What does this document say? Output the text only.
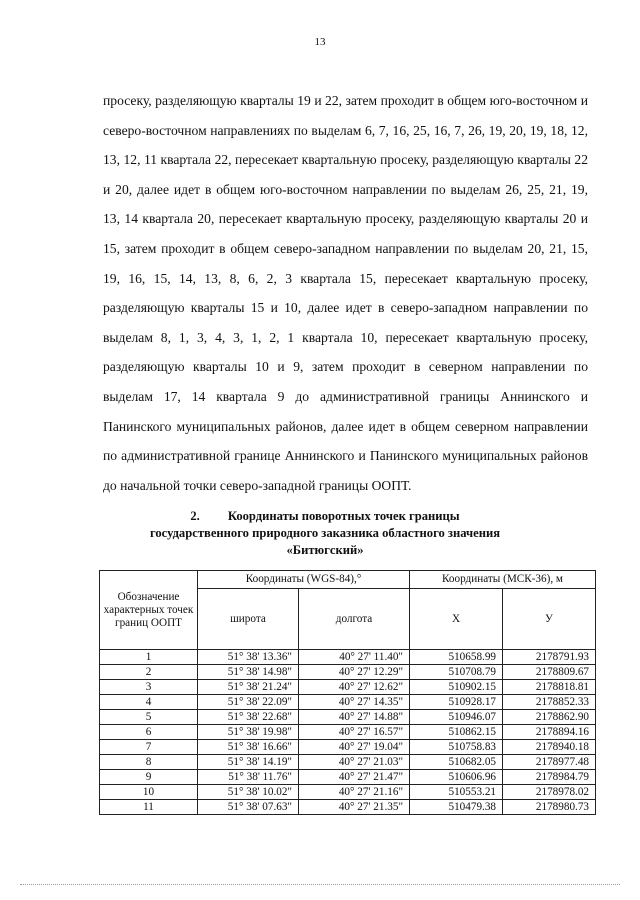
13

просеку, разделяющую кварталы 19 и 22, затем проходит в общем юго-восточном и северо-восточном направлениях по выделам 6, 7, 16, 25, 16, 7, 26, 19, 20, 19, 18, 12, 13, 12, 11 квартала 22, пересекает квартальную просеку, разделяющую кварталы 22 и 20, далее идет в общем юго-восточном направлении по выделам 26, 25, 21, 19, 13, 14 квартала 20, пересекает квартальную просеку, разделяющую кварталы 20 и 15, затем проходит в общем северо-западном направлении по выделам 20, 21, 15, 19, 16, 15, 14, 13, 8, 6, 2, 3 квартала 15, пересекает квартальную просеку, разделяющую кварталы 15 и 10, далее идет в северо-западном направлении по выделам 8, 1, 3, 4, 3, 1, 2, 1 квартала 10, пересекает квартальную просеку, разделяющую кварталы 10 и 9, затем проходит в северном направлении по выделам 17, 14 квартала 9 до административной границы Аннинского и Панинского муниципальных районов, далее идет в общем северном направлении по административной границе Аннинского и Панинского муниципальных районов до начальной точки северо-западной границы ООПТ.

2. Координаты поворотных точек границы
государственного природного заказника областного значения
«Битюгский»
Обозначение характерных точек границ ООПТ	Координаты (WGS-84),°		Координаты (МСК-36), м	
	широта	долгота	X	У
1	51° 38' 13.36"	40° 27' 11.40"	510658.99	2178791.93
2	51° 38' 14.98"	40° 27' 12.29"	510708.79	2178809.67
3	51° 38' 21.24"	40° 27' 12.62"	510902.15	2178818.81
4	51° 38' 22.09"	40° 27' 14.35"	510928.17	2178852.33
5	51° 38' 22.68"	40° 27' 14.88"	510946.07	2178862.90
6	51° 38' 19.98"	40° 27' 16.57"	510862.15	2178894.16
7	51° 38' 16.66"	40° 27' 19.04"	510758.83	2178940.18
8	51° 38' 14.19"	40° 27' 21.03"	510682.05	2178977.48
9	51° 38' 11.76"	40° 27' 21.47"	510606.96	2178984.79
10	51° 38' 10.02"	40° 27' 21.16"	510553.21	2178978.02
11	51° 38' 07.63"	40° 27' 21.35"	510479.38	2178980.73
